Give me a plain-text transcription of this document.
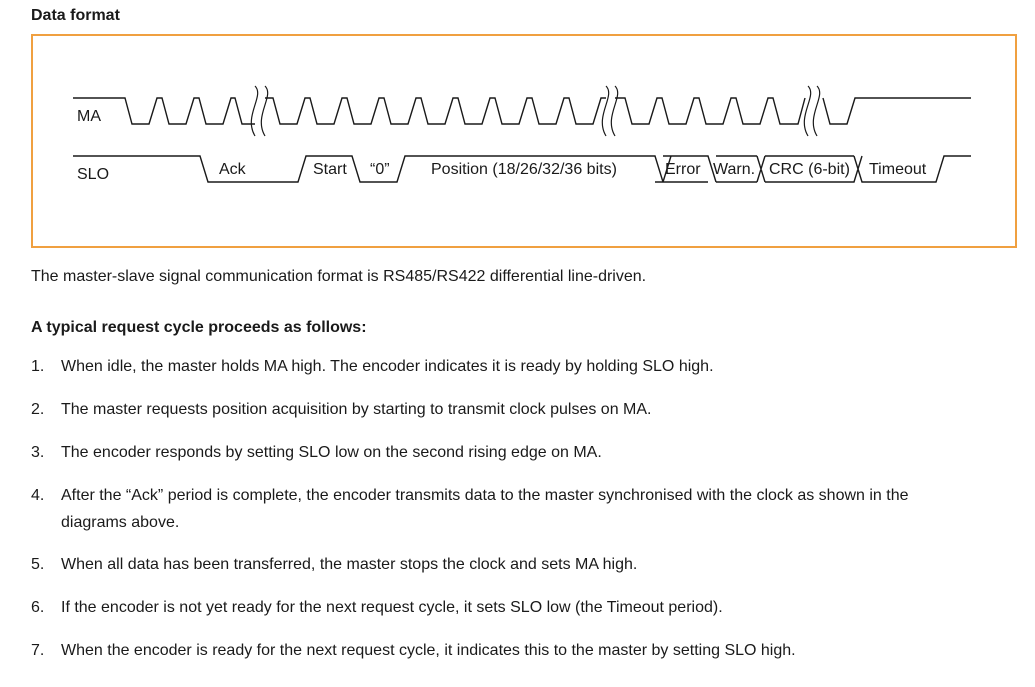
Data format
MA
SLO	Ack	Start “0”	Position (18/26/32/36 bits)	Error Warn. CRC (6-bit) Timeout
The master-slave signal communication format is RS485/RS422 differential line-driven.
A typical request cycle proceeds as follows:
1.	When idle, the master holds MA high. The encoder indicates it is ready by holding SLO high.
2.	The master requests position acquisition by starting to transmit clock pulses on MA.
3.	The encoder responds by setting SLO low on the second rising edge on MA.
4.	After the “Ack” period is complete, the encoder transmits data to the master synchronised with the clock as shown in the diagrams above.
5.	When all data has been transferred, the master stops the clock and sets MA high.
6.	If the encoder is not yet ready for the next request cycle, it sets SLO low (the Timeout period).
7.	When the encoder is ready for the next request cycle, it indicates this to the master by setting SLO high.
